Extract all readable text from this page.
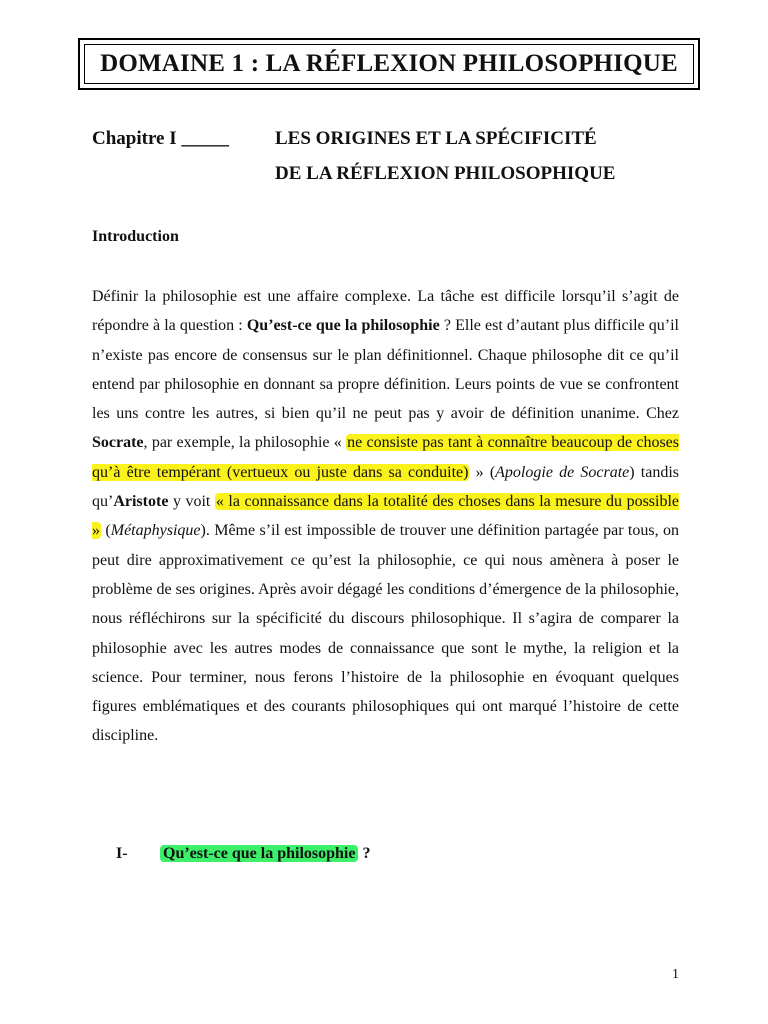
DOMAINE 1 : LA RÉFLEXION PHILOSOPHIQUE
Chapitre I _____ LES ORIGINES ET LA SPÉCIFICITÉ
DE LA RÉFLEXION PHILOSOPHIQUE
Introduction
Définir la philosophie est une affaire complexe. La tâche est difficile lorsqu’il s’agit de répondre à la question : Qu’est-ce que la philosophie ? Elle est d’autant plus difficile qu’il n’existe pas encore de consensus sur le plan définitionnel. Chaque philosophe dit ce qu’il entend par philosophie en donnant sa propre définition. Leurs points de vue se confrontent les uns contre les autres, si bien qu’il ne peut pas y avoir de définition unanime. Chez Socrate, par exemple, la philosophie « ne consiste pas tant à connaître beaucoup de choses qu’à être tempérant (vertueux ou juste dans sa conduite) » (Apologie de Socrate) tandis qu’Aristote y voit « la connaissance dans la totalité des choses dans la mesure du possible » (Métaphysique). Même s’il est impossible de trouver une définition partagée par tous, on peut dire approximativement ce qu’est la philosophie, ce qui nous amènera à poser le problème de ses origines. Après avoir dégagé les conditions d’émergence de la philosophie, nous réfléchirons sur la spécificité du discours philosophique. Il s’agira de comparer la philosophie avec les autres modes de connaissance que sont le mythe, la religion et la science. Pour terminer, nous ferons l’histoire de la philosophie en évoquant quelques figures emblématiques et des courants philosophiques qui ont marqué l’histoire de cette discipline.
I- Qu’est-ce que la philosophie ?
1
